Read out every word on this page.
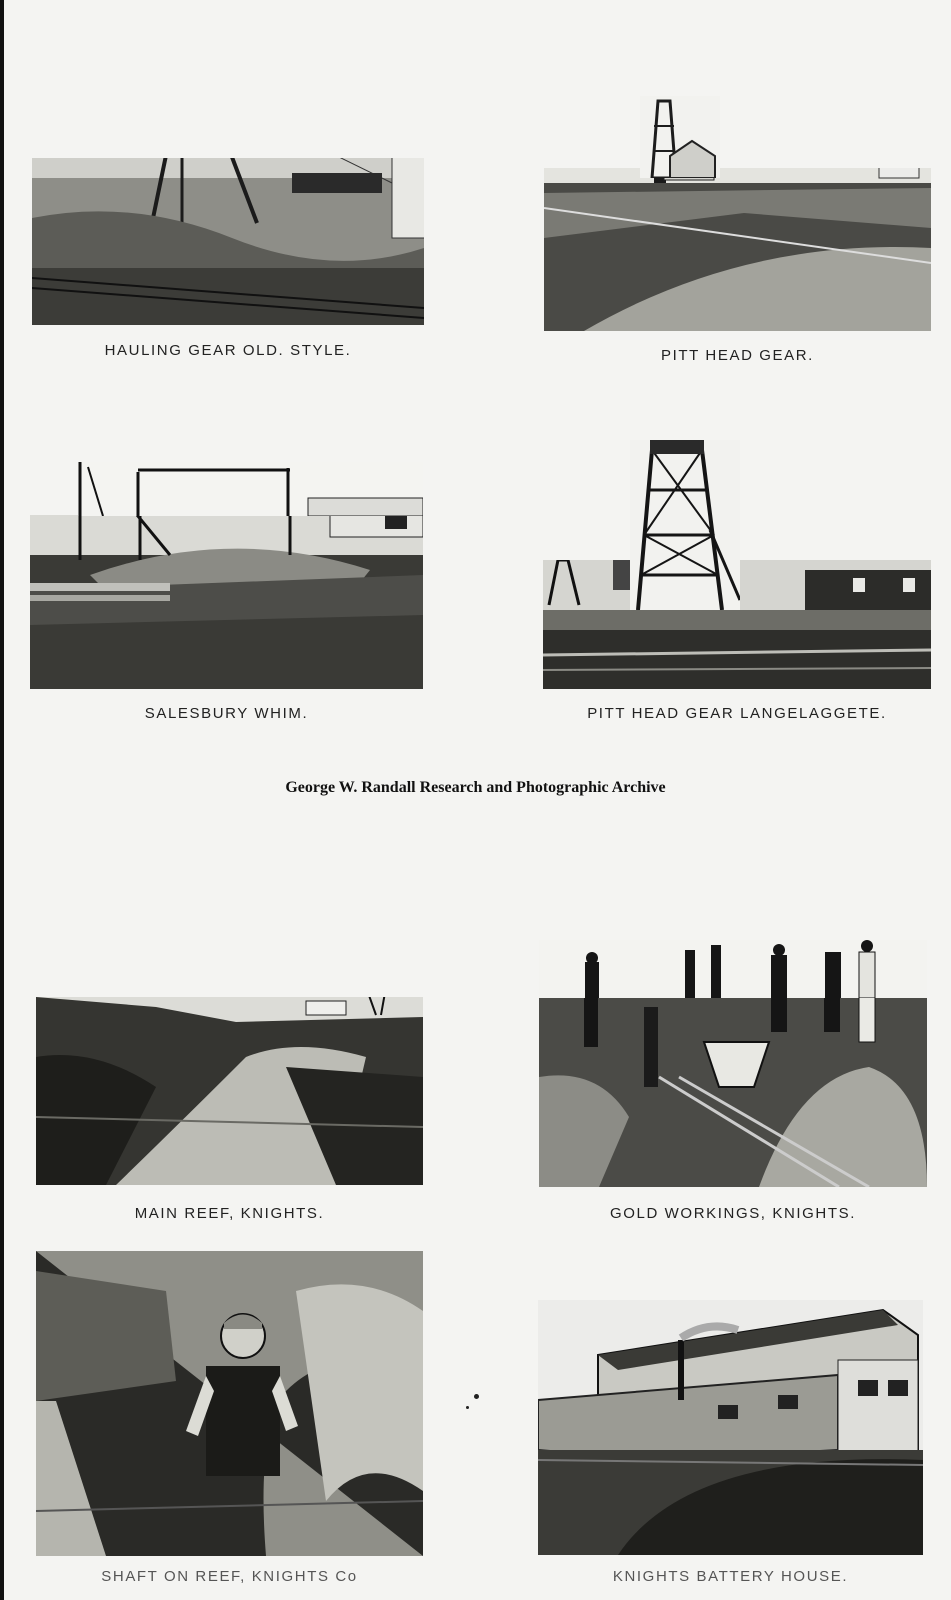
HAULING GEAR OLD. STYLE.	PITT HEAD GEAR.
SALESBURY WHIM.	PITT HEAD GEAR LANGELAGGETE.
George W. Randall Research and Photographic Archive
MAIN REEF, KNIGHTS.	GOLD WORKINGS, KNIGHTS.
SHAFT ON REEF, KNIGHTS Co	KNIGHTS BATTERY HOUSE.
